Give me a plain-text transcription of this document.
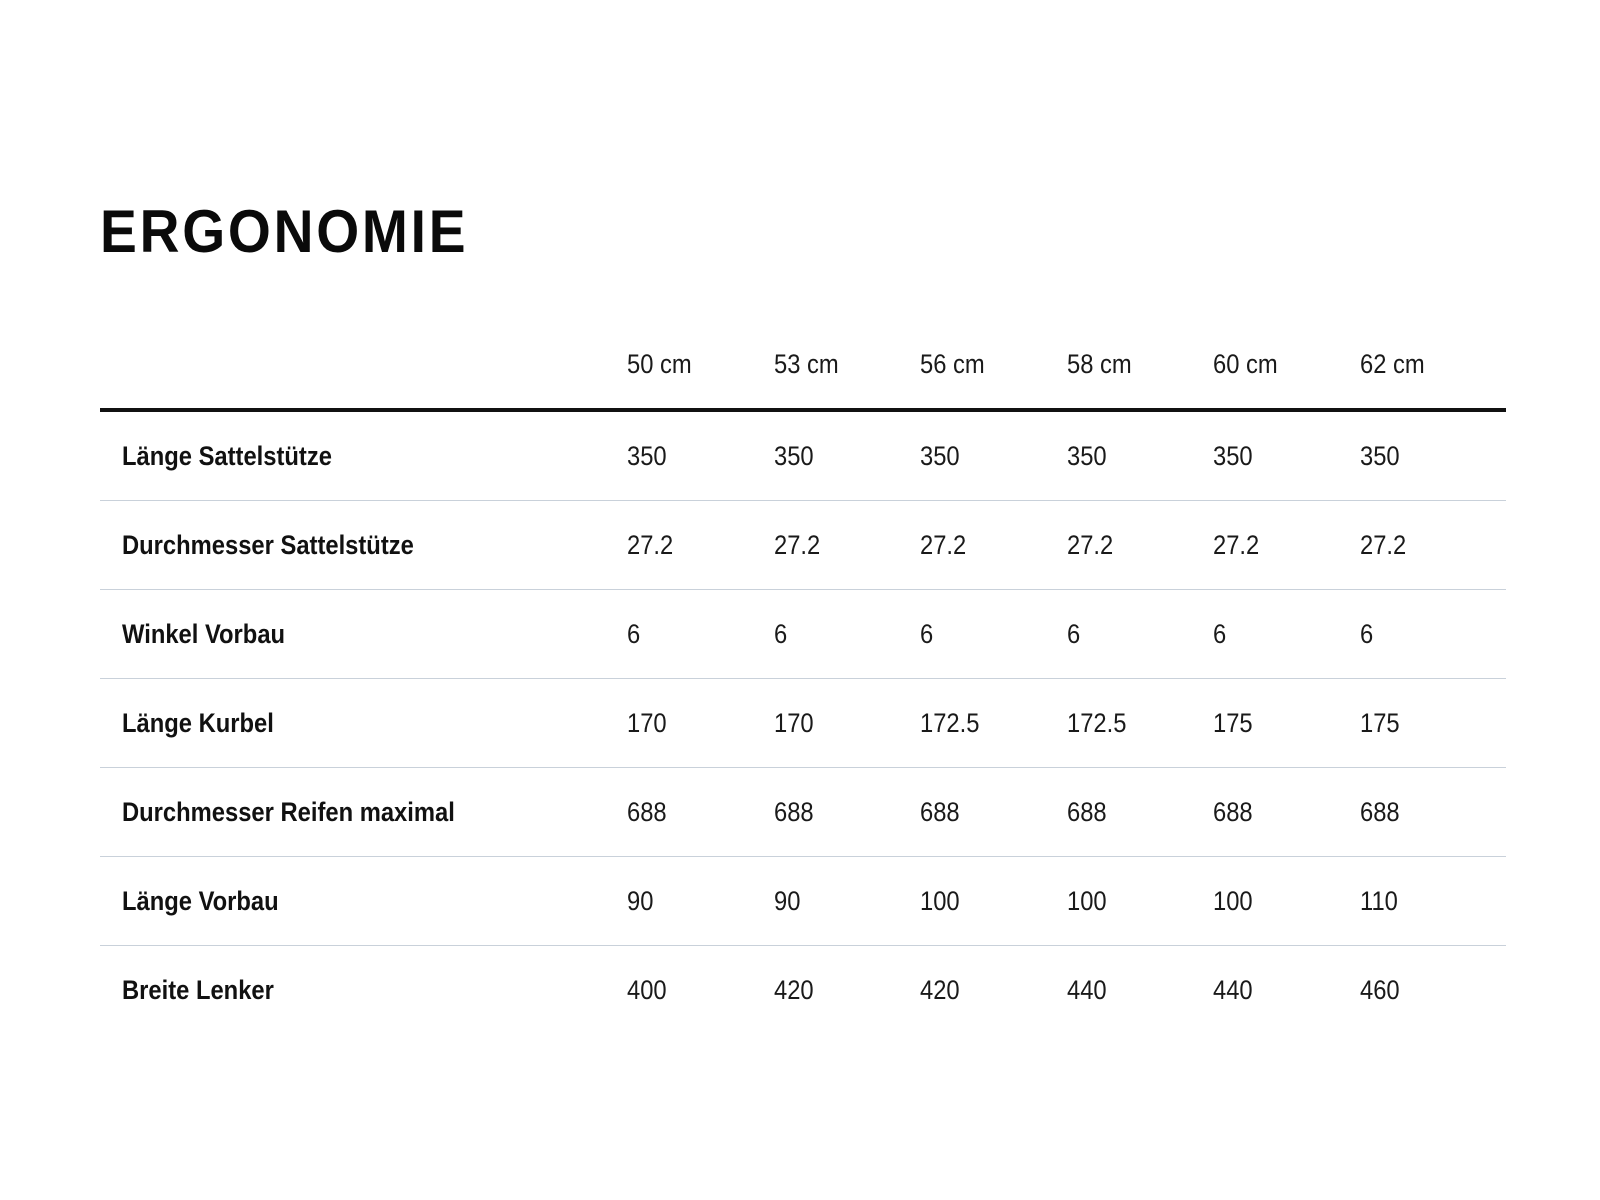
ERGONOMIE
	50 cm	53 cm	56 cm	58 cm	60 cm	62 cm
Länge Sattelstütze	350	350	350	350	350	350
Durchmesser Sattelstütze	27.2	27.2	27.2	27.2	27.2	27.2
Winkel Vorbau	6	6	6	6	6	6
Länge Kurbel	170	170	172.5	172.5	175	175
Durchmesser Reifen maximal	688	688	688	688	688	688
Länge Vorbau	90	90	100	100	100	110
Breite Lenker	400	420	420	440	440	460
